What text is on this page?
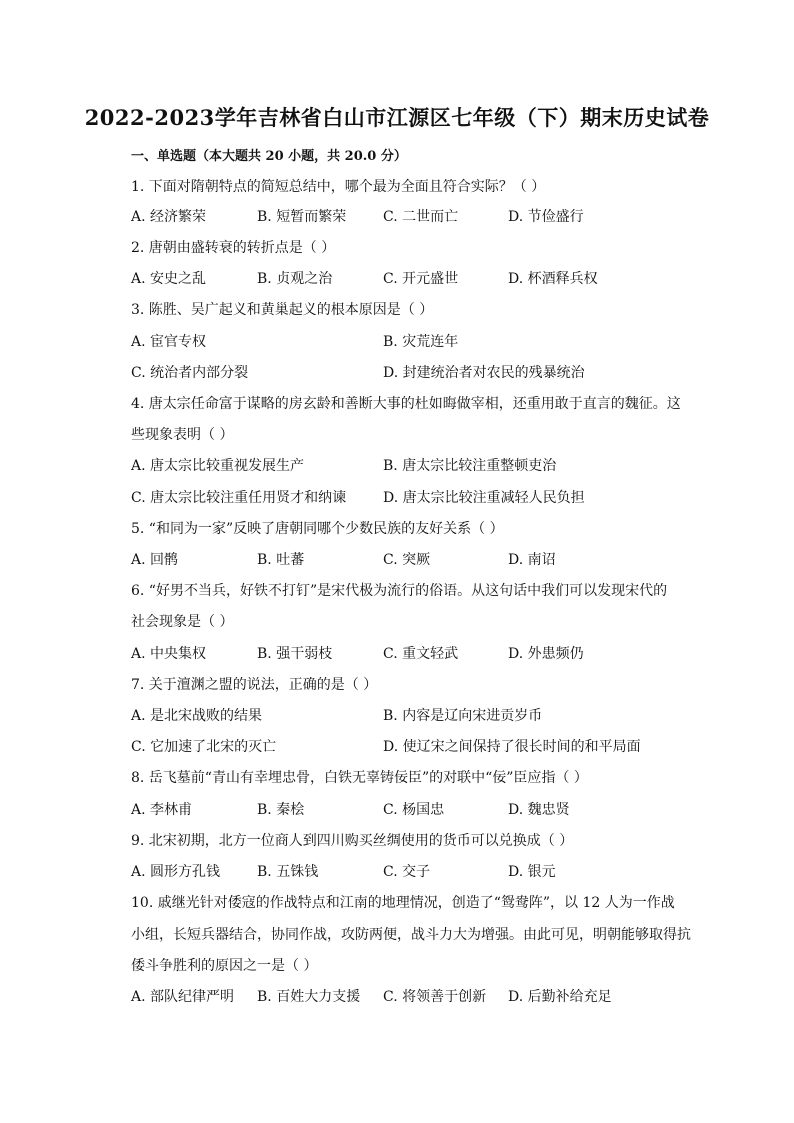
2022-2023学年吉林省白山市江源区七年级（下）期末历史试卷
一、单选题（本大题共 20 小题，共 20.0 分）
1. 下面对隋朝特点的简短总结中，哪个最为全面且符合实际？（ ）
A. 经济繁荣	B. 短暂而繁荣	C. 二世而亡	D. 节俭盛行
2. 唐朝由盛转衰的转折点是（ ）
A. 安史之乱	B. 贞观之治	C. 开元盛世	D. 杯酒释兵权
3. 陈胜、吴广起义和黄巢起义的根本原因是（ ）
A. 宦官专权	B. 灾荒连年
C. 统治者内部分裂	D. 封建统治者对农民的残暴统治
4. 唐太宗任命富于谋略的房玄龄和善断大事的杜如晦做宰相，还重用敢于直言的魏征。这
些现象表明（ ）
A. 唐太宗比较重视发展生产	B. 唐太宗比较注重整顿吏治
C. 唐太宗比较注重任用贤才和纳谏	D. 唐太宗比较注重减轻人民负担
5. “和同为一家”反映了唐朝同哪个少数民族的友好关系（ ）
A. 回鹘	B. 吐蕃	C. 突厥	D. 南诏
6. “好男不当兵，好铁不打钉”是宋代极为流行的俗语。从这句话中我们可以发现宋代的
社会现象是（ ）
A. 中央集权	B. 强干弱枝	C. 重文轻武	D. 外患频仍
7. 关于澶渊之盟的说法，正确的是（ ）
A. 是北宋战败的结果	B. 内容是辽向宋进贡岁币
C. 它加速了北宋的灭亡	D. 使辽宋之间保持了很长时间的和平局面
8. 岳飞墓前“青山有幸埋忠骨，白铁无辜铸佞臣”的对联中“佞”臣应指（ ）
A. 李林甫	B. 秦桧	C. 杨国忠	D. 魏忠贤
9. 北宋初期，北方一位商人到四川购买丝绸使用的货币可以兑换成（ ）
A. 圆形方孔钱	B. 五铢钱	C. 交子	D. 银元
10. 戚继光针对倭寇的作战特点和江南的地理情况，创造了“鸳鸯阵”，以 12 人为一作战
小组，长短兵器结合，协同作战，攻防两便，战斗力大为增强。由此可见，明朝能够取得抗
倭斗争胜利的原因之一是（ ）
A. 部队纪律严明 B. 百姓大力支援 C. 将领善于创新 D. 后勤补给充足
